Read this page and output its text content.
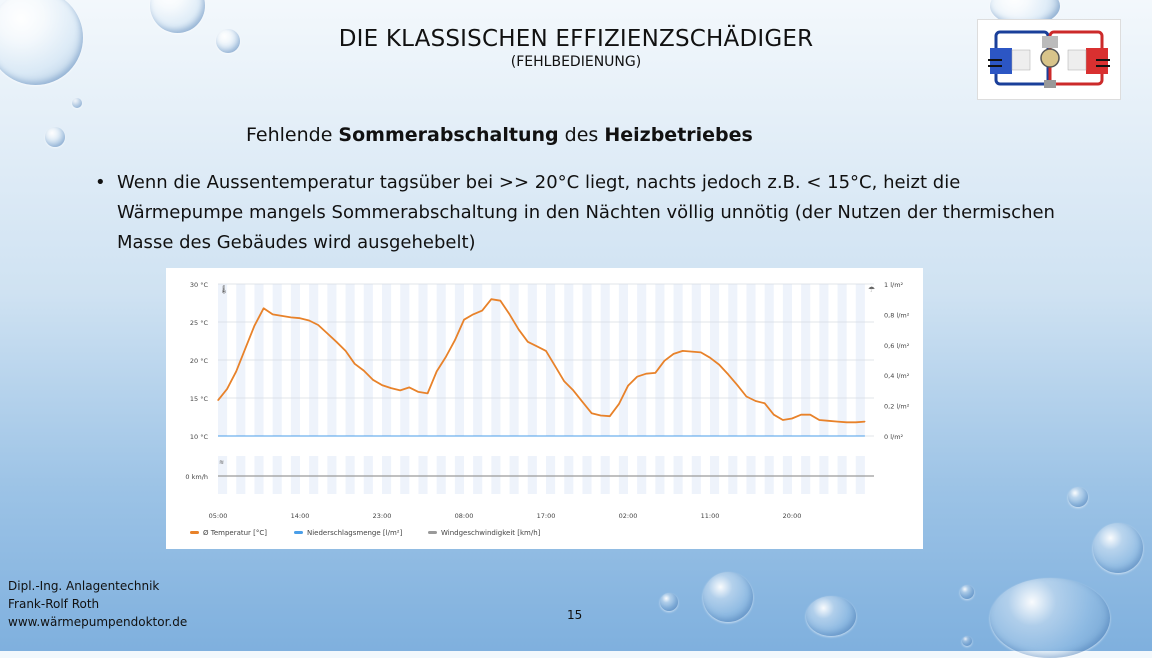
DIE KLASSISCHEN EFFIZIENZSCHÄDIGER
(FEHLBEDIENUNG)
Fehlende Sommerabschaltung des Heizbetriebes
• Wenn die Aussentemperatur tagsüber bei >> 20°C liegt, nachts jedoch z.B. < 15°C, heizt die Wärmepumpe mangels Sommerabschaltung in den Nächten völlig unnötig (der Nutzen der thermischen Masse des Gebäudes wird ausgehebelt)
30 °C
25 °C
20 °C
15 °C
10 °C
1 l/m²
0,8 l/m²
0,6 l/m²
0,4 l/m²
0,2 l/m²
0 l/m²
🌡︎	☂︎
≋
0 km/h
05:00	14:00	23:00	08:00	17:00	02:00	11:00	20:00
Ø Temperatur [°C]	Niederschlagsmenge [l/m²]	Windgeschwindigkeit [km/h]
Dipl.-Ing. Anlagentechnik
Frank-Rolf Roth
www.wärmepumpendoktor.de	15
